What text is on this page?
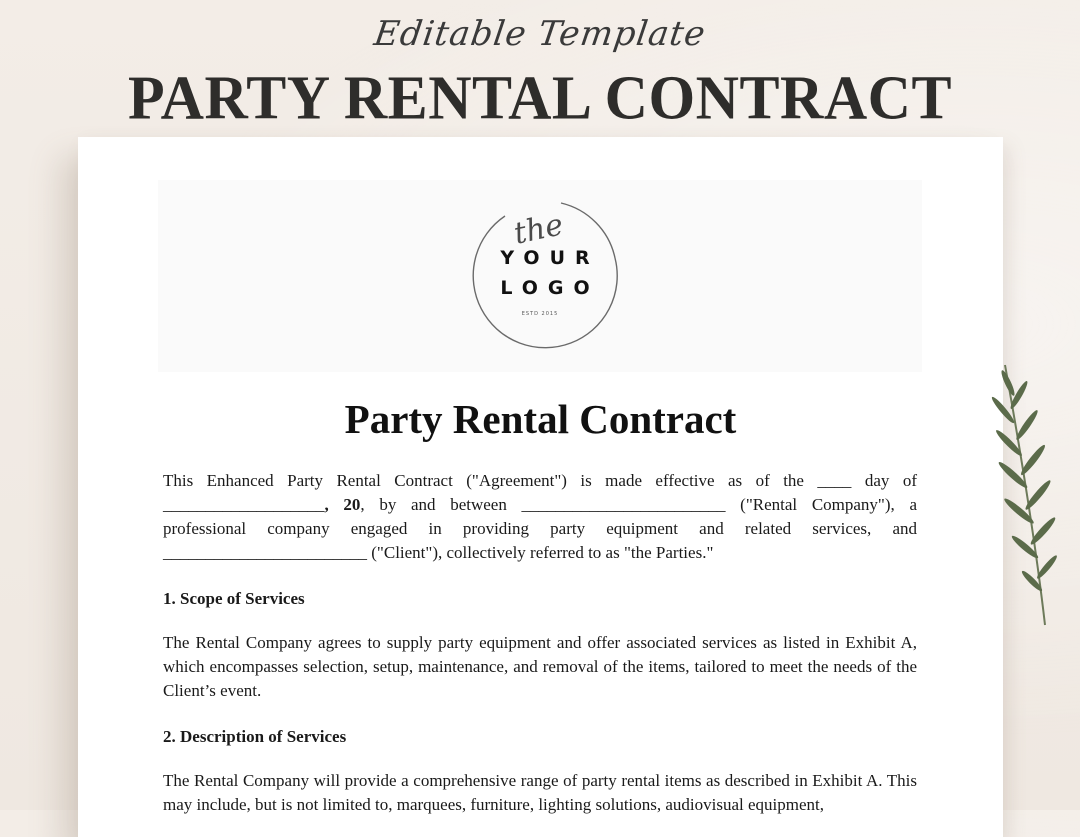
Editable Template
PARTY RENTAL CONTRACT
the
YOUR
LOGO
ESTD 2015
Party Rental Contract

This Enhanced Party Rental Contract ("Agreement") is made effective as of the ____ day of ___________________, 20, by and between ________________________ ("Rental Company"), a professional company engaged in providing party equipment and related services, and ________________________ ("Client"), collectively referred to as "the Parties."

1. Scope of Services

The Rental Company agrees to supply party equipment and offer associated services as listed in Exhibit A, which encompasses selection, setup, maintenance, and removal of the items, tailored to meet the needs of the Client’s event.

2. Description of Services

The Rental Company will provide a comprehensive range of party rental items as described in Exhibit A. This may include, but is not limited to, marquees, furniture, lighting solutions, audiovisual equipment,
